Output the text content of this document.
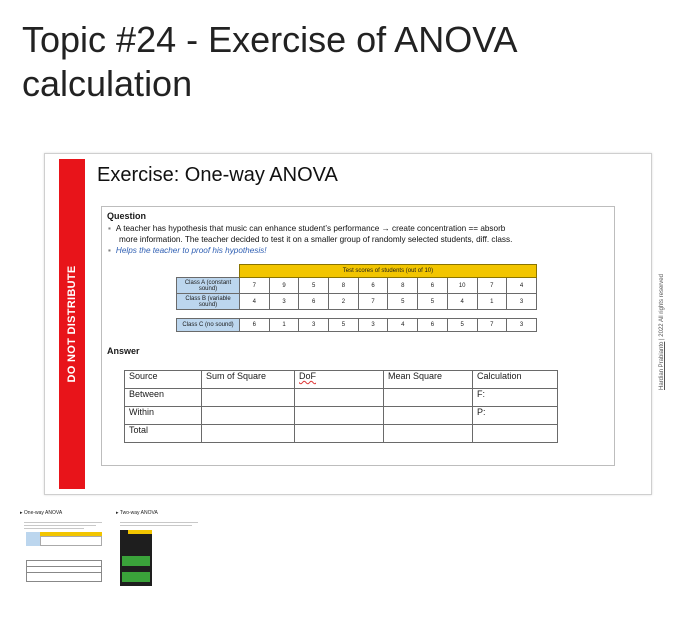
Topic #24 - Exercise of ANOVA calculation
DO NOT DISTRIBUTE
Exercise: One-way ANOVA
Question
▪ A teacher has hypothesis that music can enhance student’s performance → create concentration == absorb
more information. The teacher decided to test it on a smaller group of randomly selected students, diff. class.
▪ Helps the teacher to proof his hypothesis!
	Test scores of students (out of 10)									
Class A (constant sound)	7	9	5	8	6	8	6	10	7	4
Class B (variable sound)	4	3	6	2	7	5	5	4	1	3

Class C (no sound)	6	1	3	5	3	4	6	5	7	3
Answer
Source	Sum of Square	DoF	Mean Square	Calculation
Between				F:
Within				P:
Total				
Hardian Prabianto | 2022 All rights reserved
▸ One-way ANOVA	▸ Two-way ANOVA
